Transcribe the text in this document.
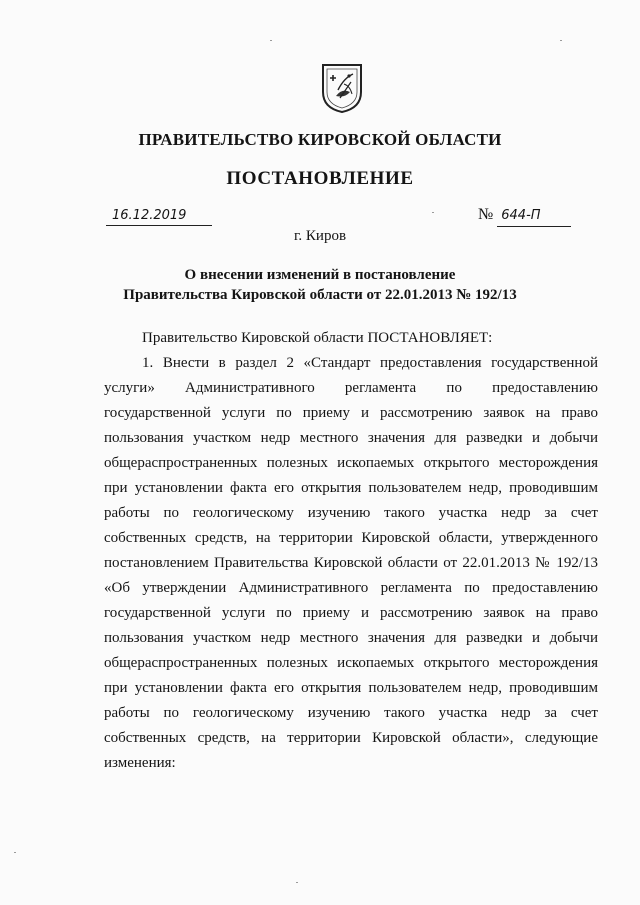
ПРАВИТЕЛЬСТВО КИРОВСКОЙ ОБЛАСТИ
ПОСТАНОВЛЕНИЕ
16.12.2019	№ 644-П
г. Киров
О внесении изменений в постановление
Правительства Кировской области от 22.01.2013 № 192/13

Правительство Кировской области ПОСТАНОВЛЯЕТ:

1. Внести в раздел 2 «Стандарт предоставления государственной услуги» Административного регламента по предоставлению государственной услуги по приему и рассмотрению заявок на право пользования участком недр местного значения для разведки и добычи общераспространенных полезных ископаемых открытого месторождения при установлении факта его открытия пользователем недр, проводившим работы по геологическому изучению такого участка недр за счет собственных средств, на территории Кировской области, утвержденного постановлением Правительства Кировской области от 22.01.2013 № 192/13 «Об утверждении Административного регламента по предоставлению государственной услуги по приему и рассмотрению заявок на право пользования участком недр местного значения для разведки и добычи общераспространенных полезных ископаемых открытого месторождения при установлении факта его открытия пользователем недр, проводившим работы по геологическому изучению такого участка недр за счет собственных средств, на территории Кировской области», следующие изменения:
